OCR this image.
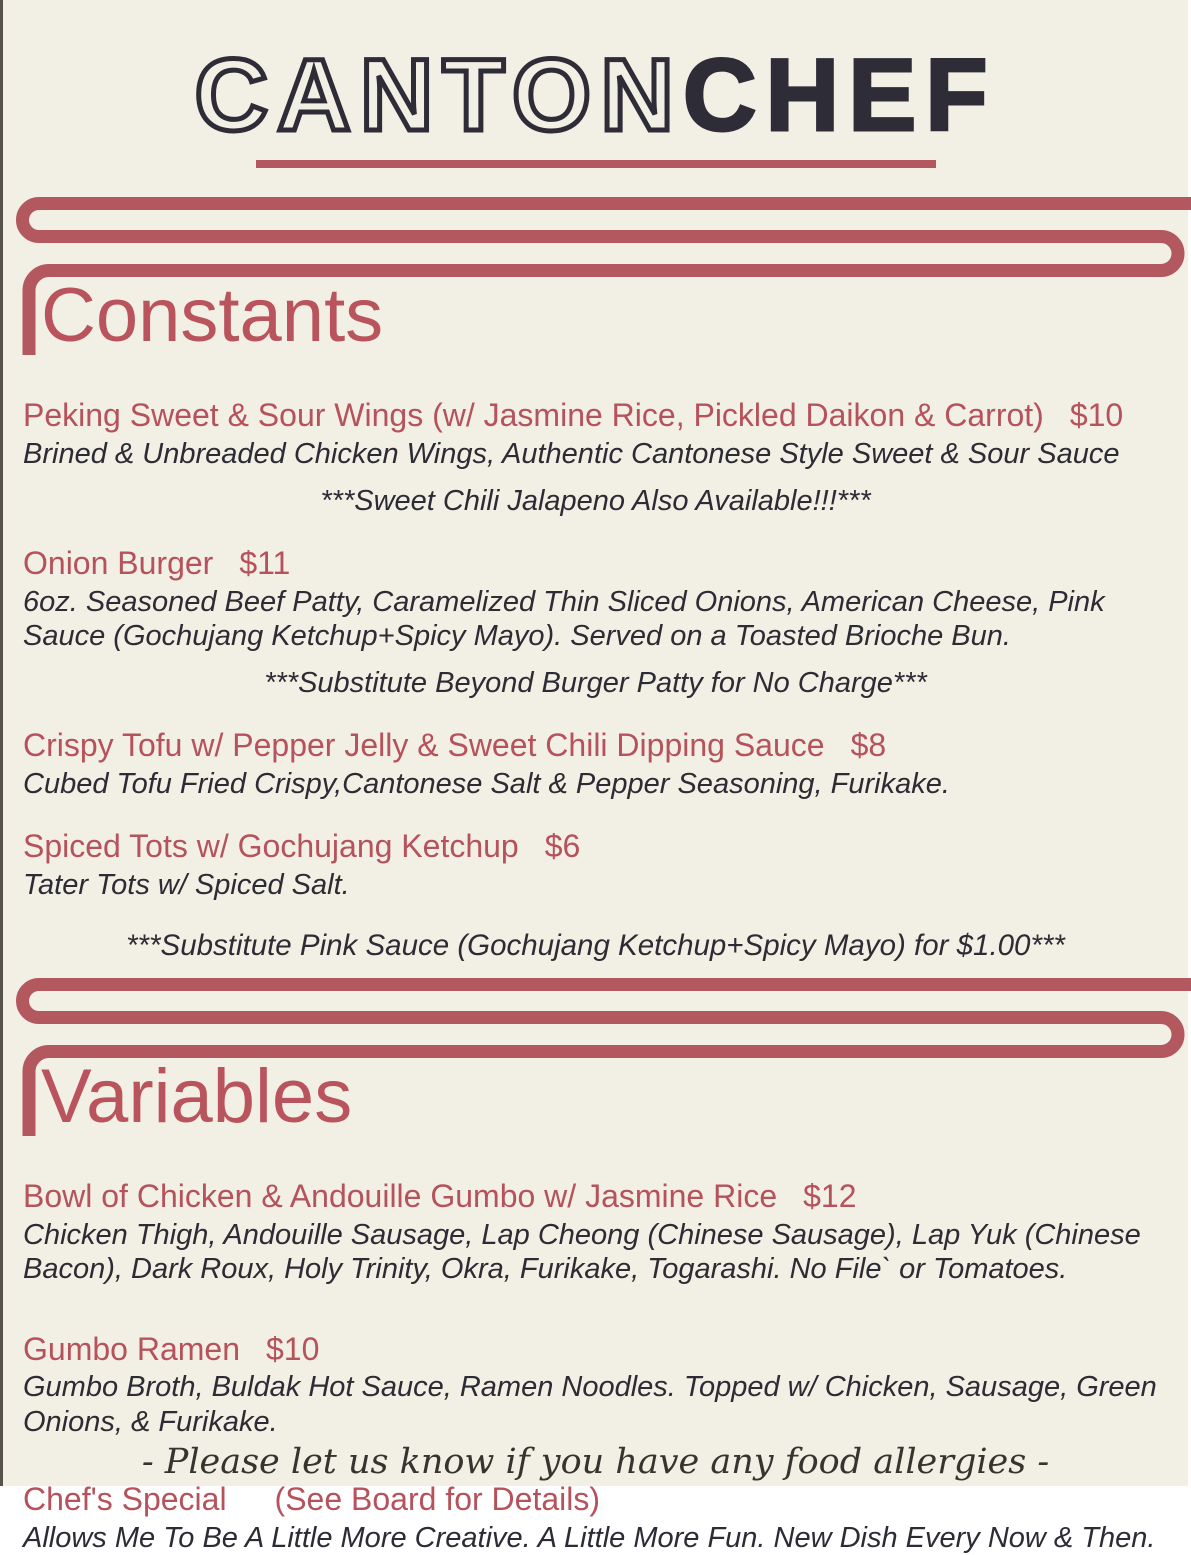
CANTONCHEF
Constants
Peking Sweet & Sour Wings (w/ Jasmine Rice, Pickled Daikon & Carrot) $10

Brined & Unbreaded Chicken Wings, Authentic Cantonese Style Sweet & Sour Sauce

***Sweet Chili Jalapeno Also Available!!!***

Onion Burger $11

6oz. Seasoned Beef Patty, Caramelized Thin Sliced Onions, American Cheese, Pink Sauce (Gochujang Ketchup+Spicy Mayo). Served on a Toasted Brioche Bun.

***Substitute Beyond Burger Patty for No Charge***

Crispy Tofu w/ Pepper Jelly & Sweet Chili Dipping Sauce $8

Cubed Tofu Fried Crispy,Cantonese Salt & Pepper Seasoning, Furikake.

Spiced Tots w/ Gochujang Ketchup $6

Tater Tots w/ Spiced Salt.

***Substitute Pink Sauce (Gochujang Ketchup+Spicy Mayo) for $1.00***

Variables
Bowl of Chicken & Andouille Gumbo w/ Jasmine Rice $12

Chicken Thigh, Andouille Sausage, Lap Cheong (Chinese Sausage), Lap Yuk (Chinese Bacon), Dark Roux, Holy Trinity, Okra, Furikake, Togarashi. No File` or Tomatoes.

Gumbo Ramen $10

Gumbo Broth, Buldak Hot Sauce, Ramen Noodles. Topped w/ Chicken, Sausage, Green Onions, & Furikake.

Chef's Special (See Board for Details)

Allows Me To Be A Little More Creative. A Little More Fun. New Dish Every Now & Then.

- Please let us know if you have any food allergies -
